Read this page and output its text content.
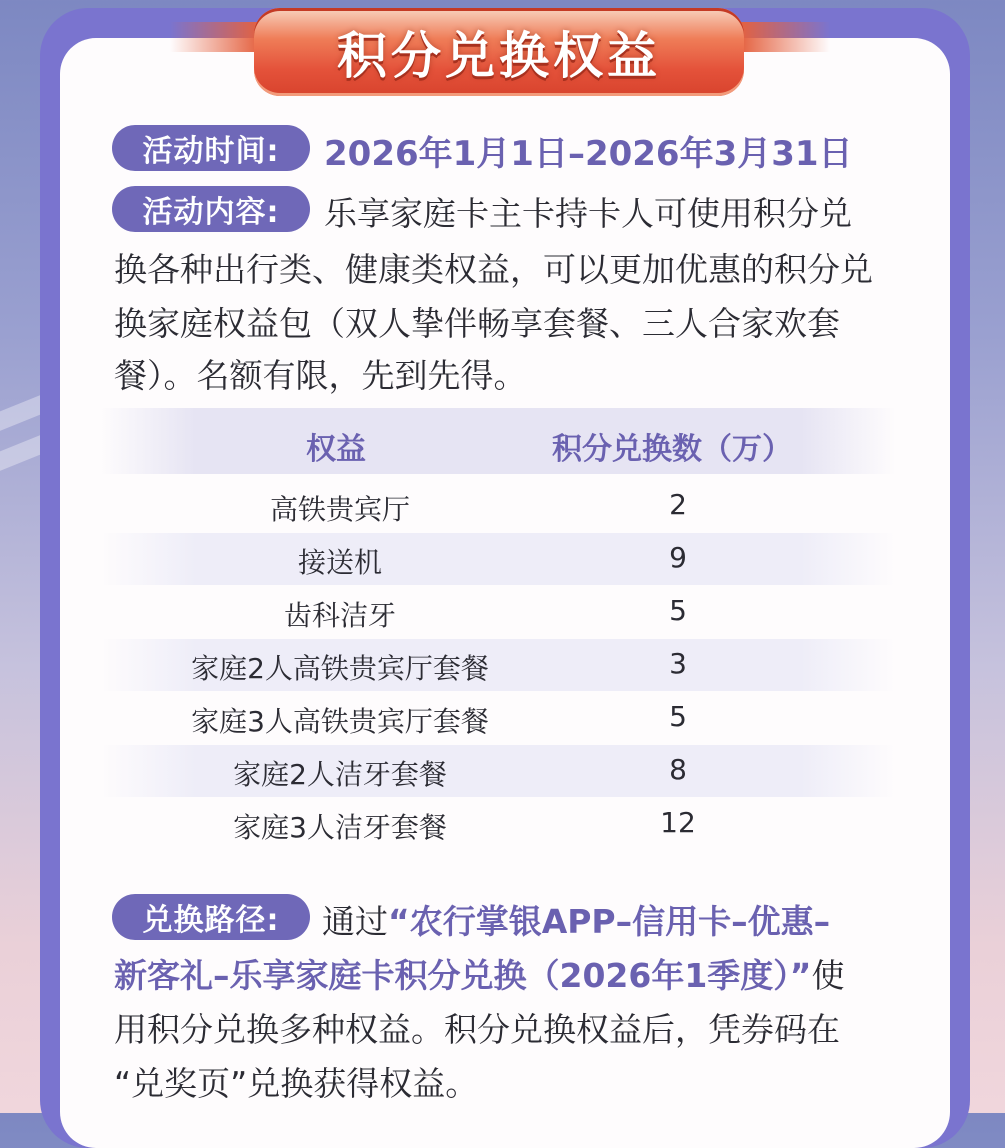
积分兑换权益
活动时间:	2026年1月1日–2026年3月31日
活动内容:	乐享家庭卡主卡持卡人可使用积分兑
换各种出行类、健康类权益，可以更加优惠的积分兑
换家庭权益包（双人挚伴畅享套餐、三人合家欢套
餐）。名额有限，先到先得。
权益	积分兑换数（万）
高铁贵宾厅	2
接送机	9
齿科洁牙	5
家庭2人高铁贵宾厅套餐	3
家庭3人高铁贵宾厅套餐	5
家庭2人洁牙套餐	8
家庭3人洁牙套餐	12
兑换路径:	通过“农行掌银APP–信用卡–优惠–
新客礼–乐享家庭卡积分兑换（2026年1季度）”使
用积分兑换多种权益。积分兑换权益后，凭券码在
“兑奖页”兑换获得权益。
